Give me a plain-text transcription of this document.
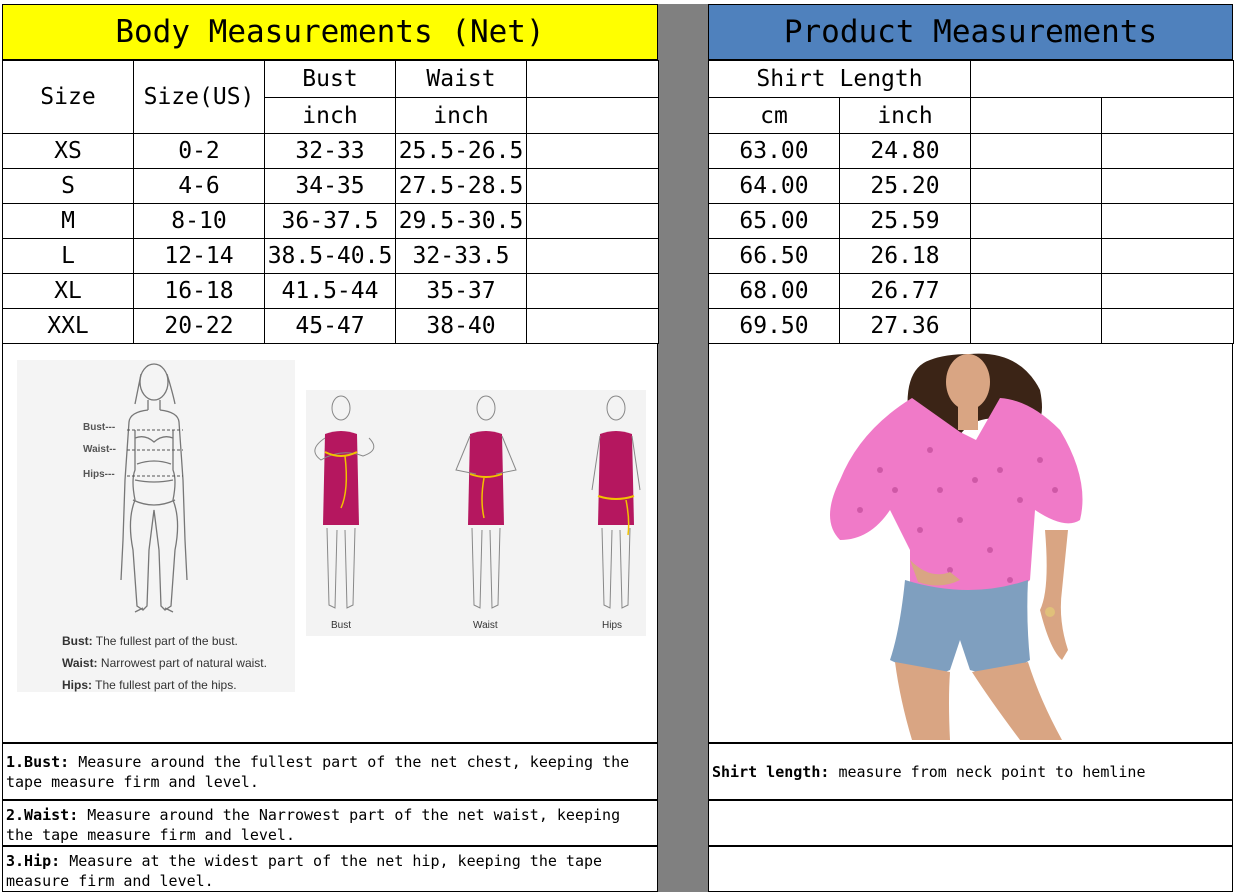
Body Measurements (Net)	Product Measurements
Size	Size(US)	Bust	Waist	
		inch	inch	
XS	0-2	32-33	25.5-26.5	
S	4-6	34-35	27.5-28.5	
M	8-10	36-37.5	29.5-30.5	
L	12-14	38.5-40.5	32-33.5	
XL	16-18	41.5-44	35-37	
XXL	20-22	45-47	38-40	
Shirt Length			
cm	inch		
63.00	24.80		
64.00	25.20		
65.00	25.59		
66.50	26.18		
68.00	26.77		
69.50	27.36		
Bust---
Waist--
Hips---
Bust: The fullest part of the bust.
Waist: Narrowest part of natural waist.
Hips: The fullest part of the hips.
Bust	Waist	Hips
1.Bust: Measure around the fullest part of the net chest, keeping the tape measure firm and level.
2.Waist: Measure around the Narrowest part of the net waist, keeping the tape measure firm and level.
3.Hip: Measure at the widest part of the net hip, keeping the tape measure firm and level.
Shirt length: measure from neck point to hemline
